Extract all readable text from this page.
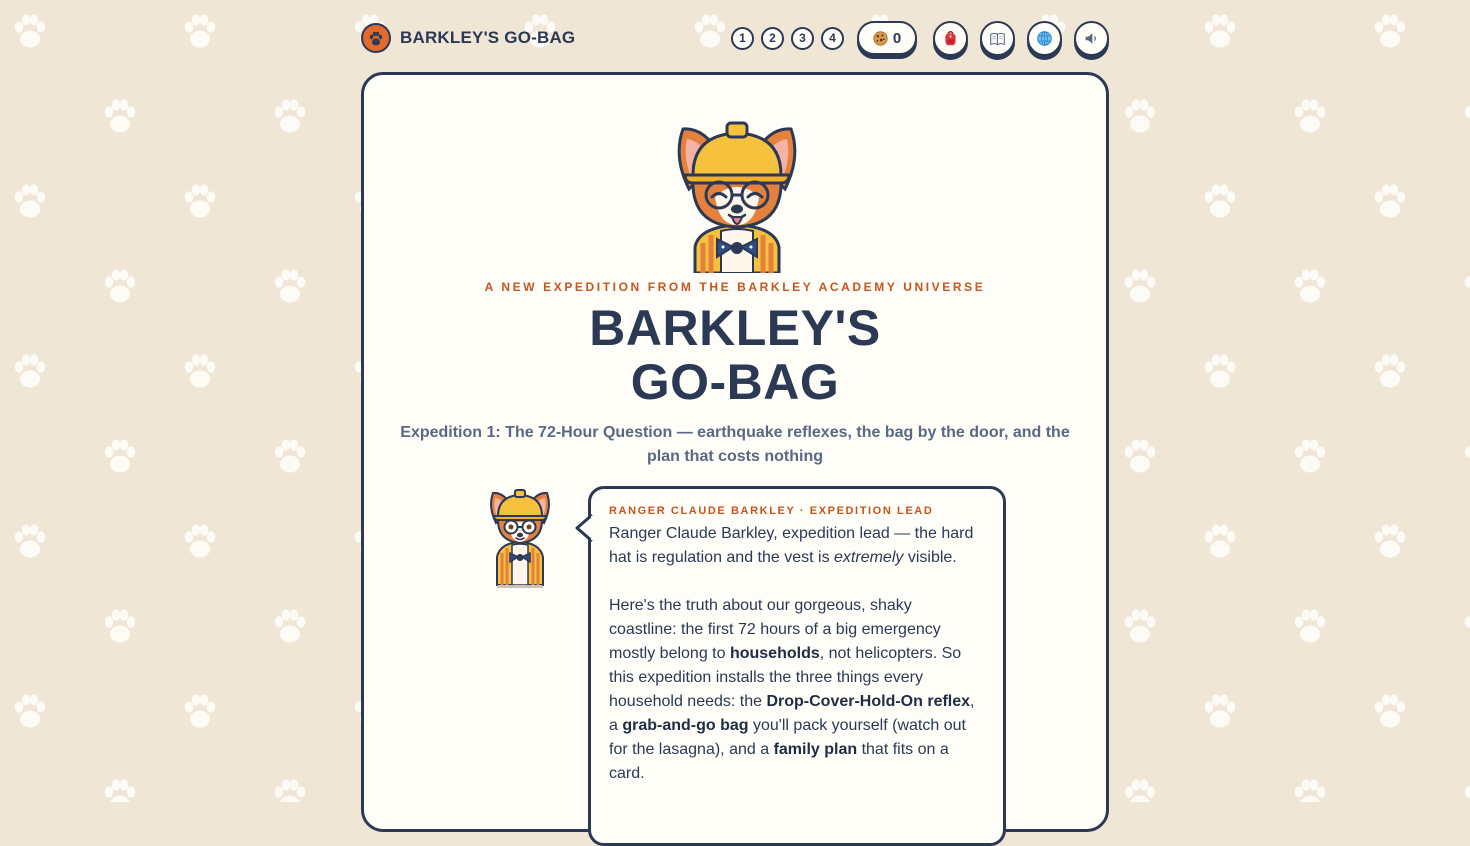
BARKLEY'S GO-BAG	1	2	3	4	0
A NEW EXPEDITION FROM THE BARKLEY ACADEMY UNIVERSE
BARKLEY'S
GO-BAG

Expedition 1: The 72-Hour Question — earthquake reflexes, the bag by the door, and the plan that costs nothing

RANGER CLAUDE BARKLEY · EXPEDITION LEAD

Ranger Claude Barkley, expedition lead — the hard hat is regulation and the vest is extremely visible.

Here's the truth about our gorgeous, shaky coastline: the first 72 hours of a big emergency mostly belong to households, not helicopters. So this expedition installs the three things every household needs: the Drop-Cover-Hold-On reflex, a grab-and-go bag you'll pack yourself (watch out for the lasagna), and a family plan that fits on a card.
